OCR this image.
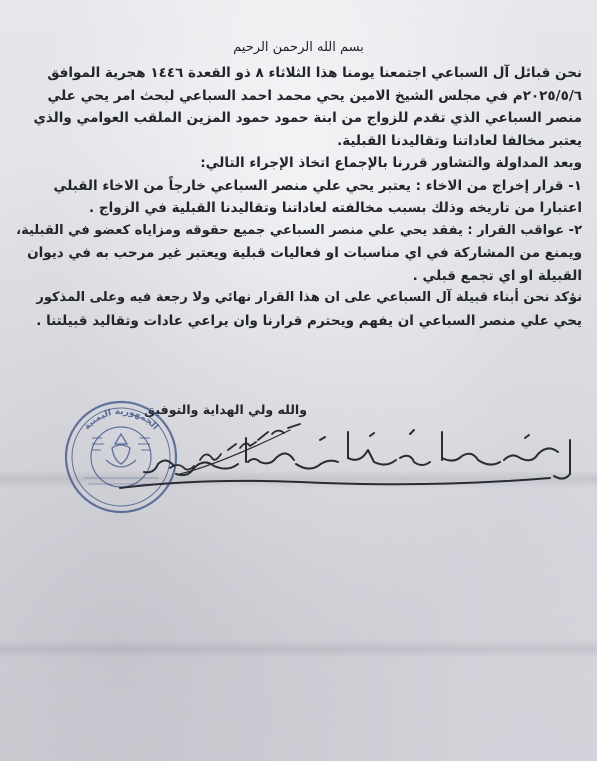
بسم الله الرحمن الرحيم
نحن قبائل آل السباعي اجتمعنا يومنا هذا الثلاثاء ٨ ذو القعدة ١٤٤٦ هجرية الموافق
٢٠٢٥/٥/٦م في مجلس الشيخ الامين يحي محمد احمد السباعي لبحث امر يحي علي
منصر السباعي الذي تقدم للزواج من ابنة حمود حمود المزين الملقب العوامي والذي
يعتبر مخالفا لعاداتنا وتقاليدنا القبلية.
وبعد المداولة والتشاور قررنا بالإجماع اتخاذ الإجراء التالي:
١- قرار إخراج من الاخاء : يعتبر يحي علي منصر السباعي خارجاً من الاخاء القبلي
اعتبارا من تاريخه وذلك بسبب مخالفته لعاداتنا وتقاليدنا القبلية في الزواج .
٢- عواقب القرار : يفقد يحي علي منصر السباعي جميع حقوقه ومزاياه كعضو في القبلية،
ويمنع من المشاركة في اي مناسبات او فعاليات قبلية ويعتبر غير مرحب به في ديوان
القبيلة او اي تجمع قبلي .
نؤكد نحن أبناء قبيلة آل السباعي على ان هذا القرار نهائي ولا رجعة فيه وعلى المذكور
يحي علي منصر السباعي ان يفهم ويحترم قرارنا وان يراعي عادات وتقاليد قبيلتنا .
والله ولي الهداية والتوفيق
الجمهورية اليمنية
